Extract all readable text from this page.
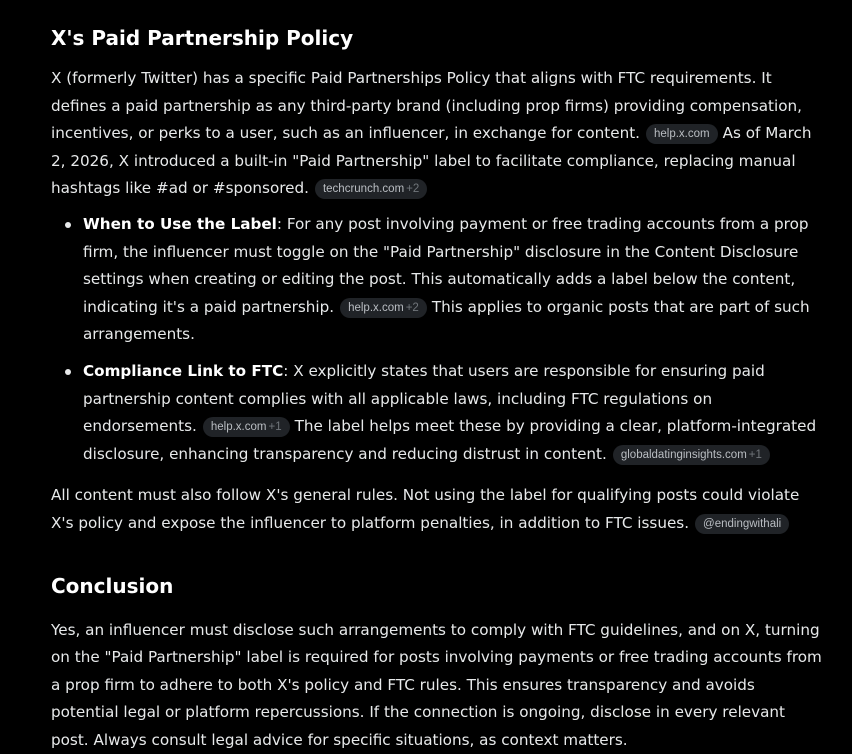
X's Paid Partnership Policy

X (formerly Twitter) has a specific Paid Partnerships Policy that aligns with FTC requirements. It defines a paid partnership as any third-party brand (including prop firms) providing compensation, incentives, or perks to a user, such as an influencer, in exchange for content. help.x.com As of March 2, 2026, X introduced a built-in "Paid Partnership" label to facilitate compliance, replacing manual hashtags like #ad or #sponsored. techcrunch.com +2

When to Use the Label: For any post involving payment or free trading accounts from a prop firm, the influencer must toggle on the "Paid Partnership" disclosure in the Content Disclosure settings when creating or editing the post. This automatically adds a label below the content, indicating it's a paid partnership. help.x.com +2 This applies to organic posts that are part of such arrangements.
Compliance Link to FTC: X explicitly states that users are responsible for ensuring paid partnership content complies with all applicable laws, including FTC regulations on endorsements. help.x.com +1 The label helps meet these by providing a clear, platform-integrated disclosure, enhancing transparency and reducing distrust in content. globaldatinginsights.com +1

All content must also follow X's general rules. Not using the label for qualifying posts could violate X's policy and expose the influencer to platform penalties, in addition to FTC issues. @endingwithali

Conclusion

Yes, an influencer must disclose such arrangements to comply with FTC guidelines, and on X, turning on the "Paid Partnership" label is required for posts involving payments or free trading accounts from a prop firm to adhere to both X's policy and FTC rules. This ensures transparency and avoids potential legal or platform repercussions. If the connection is ongoing, disclose in every relevant post. Always consult legal advice for specific situations, as context matters.
